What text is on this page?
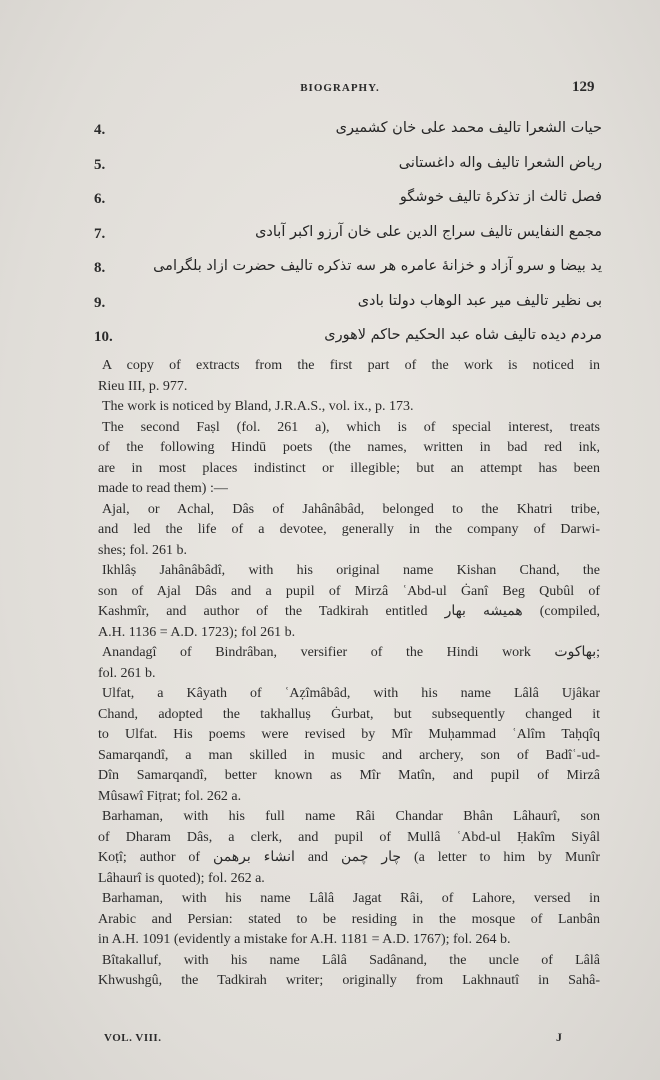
BIOGRAPHY.	129
4.	حیات الشعرا تالیف محمد علی خان کشمیری
5.	ریاض الشعرا تالیف واله داغستانی
6.	فصل ثالث از تذکرهٔ تالیف خوشگو
7.	مجمع النفایس تالیف سراج الدین علی خان آرزو اکبر آبادی
8.	ید بیضا و سرو آزاد و خزانهٔ عامره هر سه تذکره تالیف حضرت ازاد بلگرامی
9.	بی نظیر تالیف میر عبد الوهاب دولتا بادی
10.	مردم دیده تالیف شاه عبد الحکیم حاکم لاهوری

A copy of extracts from the first part of the work is noticed in
Rieu III, p. 977.

The work is noticed by Bland, J.R.A.S., vol. ix., p. 173.

The second Faṣl (fol. 261 a), which is of special interest, treats
of the following Hindū poets (the names, written in bad red ink,
are in most places indistinct or illegible; but an attempt has been
made to read them) :—

Ajal, or Achal, Dâs of Jahânâbâd, belonged to the Khatri tribe,
and led the life of a devotee, generally in the company of Darwi-
shes; fol. 261 b.

Ikhlâṣ Jahânâbâdî, with his original name Kishan Chand, the
son of Ajal Dâs and a pupil of Mirzâ ʿAbd-ul Ġanî Beg Qubûl of
Kashmîr, and author of the Tadkirah entitled همیشه بهار (compiled,
A.H. 1136 = A.D. 1723); fol 261 b.

Anandagî of Bindrâban, versifier of the Hindi work بهاکوت;
fol. 261 b.

Ulfat, a Kâyath of ʿAẓîmâbâd, with his name Lâlâ Ujâkar
Chand, adopted the takhalluṣ Ġurbat, but subsequently changed it
to Ulfat. His poems were revised by Mîr Muḥammad ʿAlîm Taḥqîq
Samarqandî, a man skilled in music and archery, son of Badîʿ-ud-
Dîn Samarqandî, better known as Mîr Matîn, and pupil of Mirzâ
Mûsawî Fiṭrat; fol. 262 a.

Barhaman, with his full name Râi Chandar Bhân Lâhaurî, son
of Dharam Dâs, a clerk, and pupil of Mullâ ʿAbd-ul Ḥakîm Siyâl
Koṭî; author of انشاء برهمن and چار چمن (a letter to him by Munîr
Lâhaurî is quoted); fol. 262 a.

Barhaman, with his name Lâlâ Jagat Râi, of Lahore, versed in
Arabic and Persian: stated to be residing in the mosque of Lanbân
in A.H. 1091 (evidently a mistake for A.H. 1181 = A.D. 1767); fol. 264 b.

Bîtakalluf, with his name Lâlâ Sadânand, the uncle of Lâlâ
Khwushgû, the Tadkirah writer; originally from Lakhnautî in Sahâ-

VOL. VIII.	J
